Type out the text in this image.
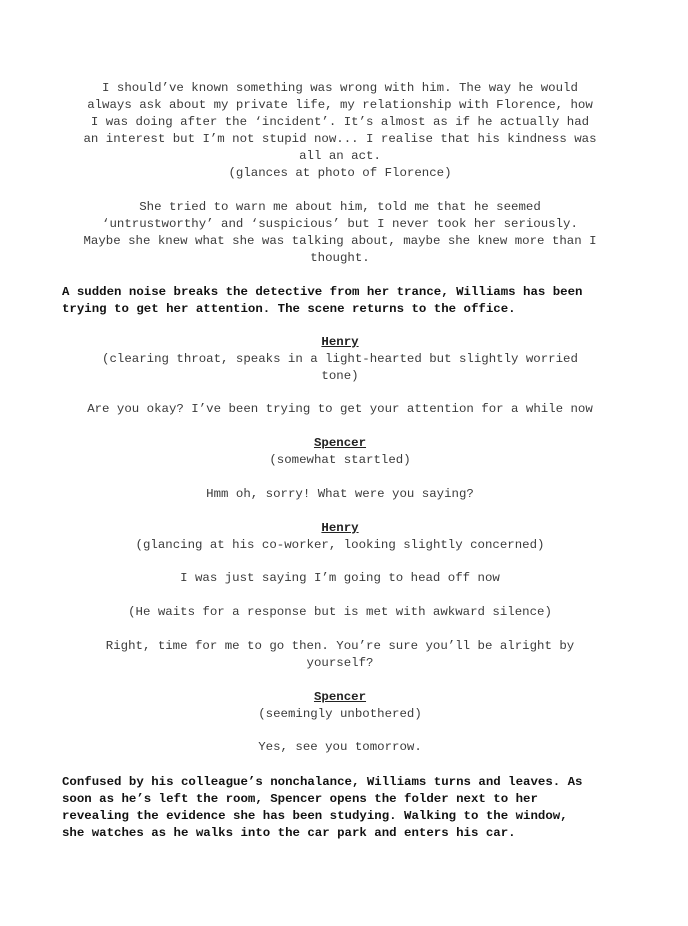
I should’ve known something was wrong with him. The way he would
always ask about my private life, my relationship with Florence, how
I was doing after the ‘incident’. It’s almost as if he actually had
an interest but I’m not stupid now... I realise that his kindness was
all an act.
(glances at photo of Florence)
She tried to warn me about him, told me that he seemed
‘untrustworthy’ and ‘suspicious’ but I never took her seriously.
Maybe she knew what she was talking about, maybe she knew more than I
thought.
A sudden noise breaks the detective from her trance, Williams has been
trying to get her attention. The scene returns to the office.
Henry
(clearing throat, speaks in a light-hearted but slightly worried
tone)
Are you okay? I’ve been trying to get your attention for a while now
Spencer
(somewhat startled)
Hmm oh, sorry! What were you saying?
Henry
(glancing at his co-worker, looking slightly concerned)
I was just saying I’m going to head off now
(He waits for a response but is met with awkward silence)
Right, time for me to go then. You’re sure you’ll be alright by
yourself?
Spencer
(seemingly unbothered)
Yes, see you tomorrow.
Confused by his colleague’s nonchalance, Williams turns and leaves. As
soon as he’s left the room, Spencer opens the folder next to her
revealing the evidence she has been studying. Walking to the window,
she watches as he walks into the car park and enters his car.
